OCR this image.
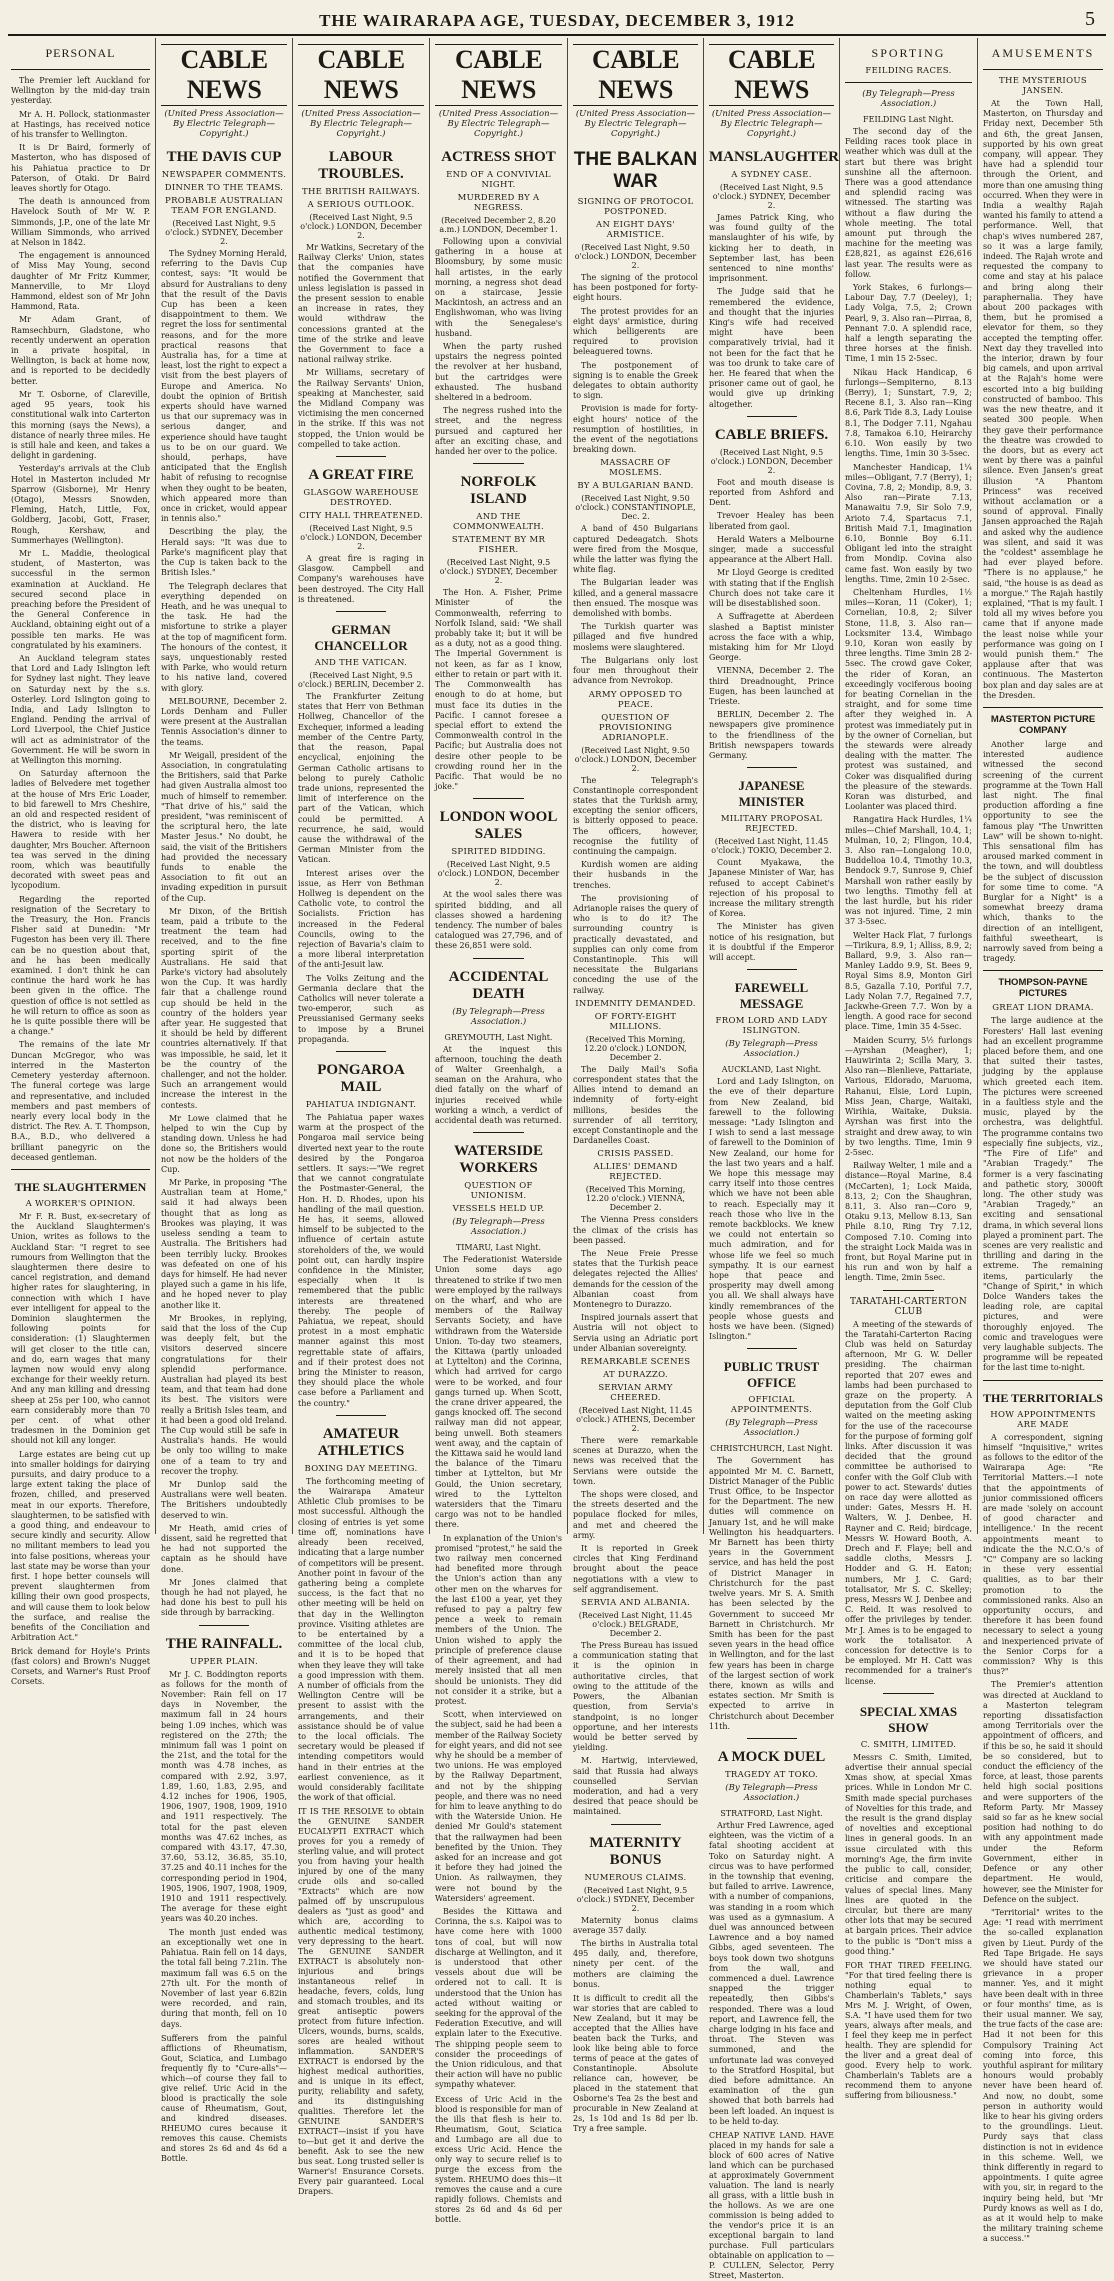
THE WAIRARAPA AGE, TUESDAY, DECEMBER 3, 1912	5
PERSONAL

The Premier left Auckland for Wellington by the mid-day train yesterday.

Mr A. H. Pollock, stationmaster at Hastings, has received notice of his transfer to Wellington.

It is Dr Baird, formerly of Masterton, who has disposed of his Pahiatua practice to Dr Paterson, of Otaki. Dr Baird leaves shortly for Otago.

The death is announced from Havelock South of Mr W. P. Simmonds, J.P., one of the late Mr William Simmonds, who arrived at Nelson in 1842.

The engagement is announced of Miss May Young, second daughter of Mr Fritz Kummer, Mannerville, to Mr Lloyd Hammond, eldest son of Mr John Hammond, Rata.

Mr Adam Grant, of Ramsechburn, Gladstone, who recently underwent an operation in a private hospital, in Wellington, is back at home now, and is reported to be decidedly better.

Mr T. Osborne, of Clareville, aged 95 years, took his constitutional walk into Carterton this morning (says the News), a distance of nearly three miles. He is still hale and keen, and takes a delight in gardening.

Yesterday's arrivals at the Club Hotel in Masterton included Mr Sparrow (Gisborne), Mr Henry (Otago), Messrs Snowden, Fleming, Hatch, Little, Fox, Goldberg, Jacobi, Gott, Fraser, Rough, Kershaw, and Summerhayes (Wellington).

Mr L. Maddie, theological student, of Masterton, was successful in the sermon examination at Auckland. He secured second place in preaching before the President of the General Conference in Auckland, obtaining eight out of a possible ten marks. He was congratulated by his examiners.

An Auckland telegram states that Lord and Lady Islington left for Sydney last night. They leave on Saturday next by the s.s. Osterley. Lord Islington going to India, and Lady Islington to England. Pending the arrival of Lord Liverpool, the Chief Justice will act as administrator of the Government. He will be sworn in at Wellington this morning.

On Saturday afternoon the ladies of Belvedere met together at the house of Mrs Eric Loader, to bid farewell to Mrs Cheshire, an old and respected resident of the district, who is leaving for Hawera to reside with her daughter, Mrs Boucher. Afternoon tea was served in the dining room, which was beautifully decorated with sweet peas and lycopodium.

Regarding the reported resignation of the Secretary to the Treasury, the Hon. Francis Fisher said at Dunedin: "Mr Fugeston has been very ill. There can be no question about that, and he has been medically examined. I don't think he can continue the hard work he has been given in the office. The question of office is not settled as he will return to office as soon as he is quite possible there will be a change."

The remains of the late Mr Duncan McGregor, who was interred in the Masterton Cemetery yesterday afternoon. The funeral cortege was large and representative, and included members and past members of nearly every local body in the district. The Rev. A. T. Thompson, B.A., B.D., who delivered a brilliant panegyric on the deceased gentleman.

THE SLAUGHTERMEN
A WORKER'S OPINION.

Mr F. R. Bust, ex-secretary of the Auckland Slaughtermen's Union, writes as follows to the Auckland Star: "I regret to see rumours from Wellington that the slaughtermen there desire to cancel registration, and demand higher rates for slaughtering, in connection with which I have ever intelligent for appeal to the Dominion slaughtermen the following points for consideration: (1) Slaughtermen will get closer to the title can, and do, earn wages that many laymen now would envy along exchange for their weekly return. And any man killing and dressing sheep at 25s per 100, who cannot earn considerably more than 70 per cent. of what other tradesmen in the Dominion get should not kill any longer.

Large estates are being cut up into smaller holdings for dairying pursuits, and dairy produce to a large extent taking the place of frozen, chilled, and preserved meat in our exports. Therefore, slaughtermen, to be satisfied with a good thing, and endeavour to secure kindly and security. Allow no militant members to lead you into false positions, whereas your last state may be worse than your first. I hope better counsels will prevent slaughtermen from killing their own good prospects, and will cause them to look below the surface, and realise the benefits of the Conciliation and Arbitration Act."

Brick demand for Hoyle's Prints (fast colors) and Brown's Nugget Corsets, and Warner's Rust Proof Corsets.
CABLE NEWS
(United Press Association— By Electric Telegraph—Copyright.)
THE DAVIS CUP
NEWSPAPER COMMENTS.
DINNER TO THE TEAMS.
PROBABLE AUSTRALIAN TEAM FOR ENGLAND.
(Received Last Night, 9.5 o'clock.) SYDNEY, December 2.

The Sydney Morning Herald, referring to the Davis Cup contest, says: "It would be absurd for Australians to deny that the result of the Davis Cup has been a keen disappointment to them. We regret the loss for sentimental reasons, and for the more practical reasons that Australia has, for a time at least, lost the right to expect a visit from the best players of Europe and America. No doubt the opinion of British experts should have warned us that our supremacy was in serious danger, and experience should have taught us to be on our guard. We should, perhaps, have anticipated that the English habit of refusing to recognise when they ought to be beaten, which appeared more than once in cricket, would appear in tennis also."

Describing the play, the Herald says: "It was due to Parke's magnificent play that the Cup is taken back to the British Isles."

The Telegraph declares that everything depended on Heath, and he was unequal to the task. He had the misfortune to strike a player at the top of magnificent form. The honours of the contest, it says, unquestionably rested with Parke, who would return to his native land, covered with glory.

MELBOURNE, December 2. Lords Denham and Fuller were present at the Australian Tennis Association's dinner to the teams.

Mr Weigall, president of the Association, in congratulating the Britishers, said that Parke had given Australia almost too much of himself to remember. "That drive of his," said the president, "was reminiscent of the scriptural hero, the late Master Jesus." No doubt, he said, the visit of the Britishers had provided the necessary funds to enable the Association to fit out an invading expedition in pursuit of the Cup.

Mr Dixon, of the British team, paid a tribute to the treatment the team had received, and to the fine sporting spirit of the Australians. He said that Parke's victory had absolutely won the Cup. It was hardly fair that a challenge round cup should be held in the country of the holders year after year. He suggested that it should be held by different countries alternatively. If that was impossible, he said, let it be the country of the challenger, and not the holder. Such an arrangement would increase the interest in the contests.

Mr Lowe claimed that he helped to win the Cup by standing down. Unless he had done so, the Britishers would not now be the holders of the Cup.

Mr Parke, in proposing "The Australian team at Home," said it had always been thought that as long as Brookes was playing, it was useless sending a team to Australia. The Britishers had been terribly lucky. Brookes was defeated on one of his days for himself. He had never played such a game in his life, and he hoped never to play another like it.

Mr Brookes, in replying, said that the loss of the Cup was deeply felt, but the visitors deserved sincere congratulations for their splendid performance. Australian had played its best team, and that team had done its best. The visitors were really a British Isles team, and it had been a good old Ireland. The Cup would still be safe in Australia's hands. He would be only too willing to make one of a team to try and recover the trophy.

Mr Dunlop said the Australians were well beaten. The Britishers undoubtedly deserved to win.

Mr Heath, amid cries of dissent, said he regretted that he had not supported the captain as he should have done.

Mr Jones claimed that though he had not played, he had done his best to pull his side through by barracking.

THE RAINFALL.
UPPER PLAIN.

Mr J. C. Boddington reports as follows for the month of November: Rain fell on 17 days in November, the maximum fall in 24 hours being 1.09 inches, which was registered on the 27th; the minimum fall was 1 point on the 21st, and the total for the month was 4.78 inches, as compared with 2.92, 3.97, 1.89, 1.60, 1.83, 2.95, and 4.12 inches for 1906, 1905, 1906, 1907, 1908, 1909, 1910 and 1911 respectively. The total for the past eleven months was 47.62 inches, as compared with 43.17, 47.30, 37.60, 53.12, 36.85, 35.10, 37.25 and 40.11 inches for the corresponding period in 1904, 1905, 1906, 1907, 1908, 1909, 1910 and 1911 respectively. The average for these eight years was 40.20 inches.

The month just ended was an exceptionally wet one in Pahiatua. Rain fell on 14 days, the total fall being 7.21in. The maximum fall was 6.5 on the 27th ult. For the month of November of last year 6.82in were recorded, and rain, during that month, fell on 10 days.

Sufferers from the painful afflictions of Rheumatism, Gout, Sciatica, and Lumbago frequently fly to "Cure-alls"—which—of course they fail to give relief. Uric Acid in the blood is practically the sole cause of Rheumatism, Gout, and kindred diseases. RHEUMO cures because it removes this cause. Chemists and stores 2s 6d and 4s 6d a Bottle.
CABLE NEWS
(United Press Association—By Electric Telegraph—Copyright.)
LABOUR TROUBLES.
THE BRITISH RAILWAYS.
A SERIOUS OUTLOOK.
(Received Last Night, 9.5 o'clock.) LONDON, December 2.

Mr Watkins, Secretary of the Railway Clerks' Union, states that the companies have notified the Government that unless legislation is passed in the present session to enable an increase in rates, they would withdraw the concessions granted at the time of the strike and leave the Government to face a national railway strike.

Mr Williams, secretary of the Railway Servants' Union, speaking at Manchester, said the Midland Company was victimising the men concerned in the strike. If this was not stopped, the Union would be compelled to take action.

A GREAT FIRE
GLASGOW WAREHOUSE DESTROYED.
CITY HALL THREATENED.
(Received Last Night, 9.5 o'clock.) LONDON, December 2.

A great fire is raging in Glasgow. Campbell and Company's warehouses have been destroyed. The City Hall is threatened.

GERMAN CHANCELLOR
AND THE VATICAN.
(Received Last Night, 9.5 o'clock.) BERLIN, December 2.

The Frankfurter Zeitung states that Herr von Bethman Hollweg, Chancellor of the Exchequer, informed a leading member of the Centre Party, that the reason, Papal encyclical, enjoining the German Catholic artisans to belong to purely Catholic trade unions, represented the limit of interference on the part of the Vatican, which could be permitted. A recurrence, he said, would cause the withdrawal of the German Minister from the Vatican.

Interest arises over the issue, as Herr von Bethman Hollweg is dependent on the Catholic vote, to control the Socialists. Friction has increased in the Federal Councils, owing to the rejection of Bavaria's claim to a more liberal interpretation of the anti-Jesuit law.

The Volks Zeitung and the Germania declare that the Catholics will never tolerate a two-emperor, such as Preussianised Germany seeks to impose by a Brunei propaganda.

PONGAROA MAIL
PAHIATUA INDIGNANT.

The Pahiatua paper waxes warm at the prospect of the Pongaroa mail service being diverted next year to the route desired by the Pongaroa settlers. It says:—"We regret that we cannot congratulate the Postmaster-General, the Hon. H. D. Rhodes, upon his handling of the mail question. He has, it seems, allowed himself to be subjected to the influence of certain astute storeholders of the, we would point out, can hardly inspire confidence in the Minister, especially when it is remembered that the public interests are threatened thereby. The people of Pahiatua, we repeat, should protest in a most emphatic manner against this most regrettable state of affairs, and if their protest does not bring the Minister to reason, they should place the whole case before a Parliament and the country."

AMATEUR ATHLETICS
BOXING DAY MEETING.

The forthcoming meeting of the Wairarapa Amateur Athletic Club promises to be most successful. Although the closing of entries is yet some time off, nominations have already been received, indicating that a large number of competitors will be present. Another point in favour of the gathering being a complete success, is the fact that no other meeting will be held on that day in the Wellington province. Visiting athletes are to be entertained by a committee of the local club, and it is to be hoped that when they leave they will take a good impression with them. A number of officials from the Wellington Centre will be present to assist with the arrangements, and their assistance should be of value to the local officials. The secretary would be pleased if intending competitors would hand in their entries at the earliest convenience, as it would considerably facilitate the work of that official.

IT IS THE RESOLVE to obtain the GENUINE SANDER EUCALYPTI EXTRACT which proves for you a remedy of sterling value, and will protect you from having your health injured by one of the many crude oils and so-called "Extracts" which are now palmed off by unscrupulous dealers as "just as good" and which are, according to authentic medical testimony, very depressing to the heart. The GENUINE SANDER EXTRACT is absolutely non-injurious and brings instantaneous relief in headache, fevers, colds, lung and stomach troubles, and its great antiseptic powers protect from future infection. Ulcers, wounds, burns, scalds, sores are healed without inflammation. SANDER'S EXTRACT is endorsed by the highest medical authorities, and is unique in its effect, purity, reliability and safety, and its distinguishing qualities. Therefore let the GENUINE SANDER'S EXTRACT—insist if you have to—but get it and derive the benefit. Ask to see the new bus seat. Long trusted seller is Warner's! Ensurance Corsets. Every pair guaranteed. Local Drapers.
CABLE NEWS
(United Press Association—By Electric Telegraph—Copyright.)
ACTRESS SHOT
END OF A CONVIVIAL NIGHT.
MURDERED BY A NEGRESS.
(Received December 2, 8.20 a.m.) LONDON, December 1.

Following upon a convivial gathering in a house at Bloomsbury, by some music hall artistes, in the early morning, a negress shot dead on a staircase, Jessie Mackintosh, an actress and an Englishwoman, who was living with the Senegalese's husband.

When the party rushed upstairs the negress pointed the revolver at her husband, but the cartridges were exhausted. The husband sheltered in a bedroom.

The negress rushed into the street, and the negress pursued and captured her after an exciting chase, and handed her over to the police.

NORFOLK ISLAND
AND THE COMMONWEALTH.
STATEMENT BY MR FISHER.
(Received Last Night, 9.5 o'clock.) SYDNEY, December 2.

The Hon. A. Fisher, Prime Minister of the Commonwealth, referring to Norfolk Island, said: "We shall probably take it; but it will be as a duty, not as a good thing. The Imperial Government is not keen, as far as I know, either to retain or part with it. The Commonwealth has enough to do at home, but must face its duties in the Pacific. I cannot foresee a special effort to extend the Commonwealth control in the Pacific; but Australia does not desire other people to be crowding round her in the Pacific. That would be no joke."

LONDON WOOL SALES
SPIRITED BIDDING.
(Received Last Night, 9.5 o'clock.) LONDON, December 2.

At the wool sales there was spirited bidding, and all classes showed a hardening tendency. The number of bales catalogued was 27,796, and of these 26,851 were sold.

ACCIDENTAL DEATH
(By Telegraph—Press Association.)
GREYMOUTH, Last Night.

At the inquest this afternoon, touching the death of Walter Greenhalgh, a seaman on the Arahura, who died fatally on the wharf of injuries received while working a winch, a verdict of accidental death was returned.

WATERSIDE WORKERS
QUESTION OF UNIONISM.
VESSELS HELD UP.
(By Telegraph—Press Association.)
TIMARU, Last Night.

The Federationist Waterside Union some days ago threatened to strike if two men were employed by the railways on the wharf, and who are members of the Railway Servants Society, and have withdrawn from the Waterside Union. To-day two steamers, the Kittawa (partly unloaded at Lyttelton) and the Corinna, which had arrived for cargo were to be worked, and four gangs turned up. When Scott, the crane driver appeared, the gangs knocked off. The second railway man did not appear, being unwell. Both steamers went away, and the captain of the Kittawa said he would land the balance of the Timaru timber at Lyttelton, but Mr Gould, the Union secretary, wired to the Lyttelton watersiders that the Timaru cargo was not to be handled there.

In explanation of the Union's promised "protest," he said the two railway men concerned had benefited more through the Union's action than any other men on the wharves for the last £100 a year, yet they refused to pay a paltry few pence a week to remain members of the Union. The Union wished to apply the principle of preference clause of their agreement, and had merely insisted that all men should be unionists. They did not consider it a strike, but a protest.

Scott, when interviewed on the subject, said he had been a member of the Railway Society for eight years, and did not see why he should be a member of two unions. He was employed by the Railway Department, and not by the shipping people, and there was no need for him to leave anything to do with the Waterside Union. He denied Mr Gould's statement that the railwaymen had been benefited by the Union. They asked for an increase and got it before they had joined the Union. As railwaymen, they were not bound by the Watersiders' agreement.

Besides the Kittawa and Corinna, the s.s. Kaipoi was to have come here with 1000 tons of coal, but will now discharge at Wellington, and it is understood that other vessels about due will be ordered not to call. It is understood that the Union has acted without waiting or seeking for the approval of the Federation Executive, and will explain later to the Executive. The shipping people seem to consider the proceedings of the Union ridiculous, and that their action will have no public sympathy whatever.

Excess of Uric Acid in the blood is responsible for man of the ills that flesh is heir to. Rheumatism, Gout, Sciatica and Lumbago are all due to excess Uric Acid. Hence the only way to secure relief is to purge the excess from the system. RHEUMO does this—it removes the cause and a cure rapidly follows. Chemists and stores 2s 6d and 4s 6d per bottle.
CABLE NEWS
(United Press Association—By Electric Telegraph—Copyright.)
THE BALKAN WAR
SIGNING OF PROTOCOL POSTPONED.
AN EIGHT DAYS' ARMISTICE.
(Received Last Night, 9.50 o'clock.) LONDON, December 2.

The signing of the protocol has been postponed for forty-eight hours.

The protest provides for an eight days' armistice, during which belligerents are required to provision beleaguered towns.

The postponement of signing is to enable the Greek delegates to obtain authority to sign.

Provision is made for forty-eight hours' notice of the resumption of hostilities, in the event of the negotiations breaking down.

MASSACRE OF MOSLEMS.
BY A BULGARIAN BAND.
(Received Last Night, 9.50 o'clock.) CONSTANTINOPLE, Dec. 2.

A band of 450 Bulgarians captured Dedeagatch. Shots were fired from the Mosque, while the latter was flying the white flag.

The Bulgarian leader was killed, and a general massacre then ensued. The mosque was demolished with bombs.

The Turkish quarter was pillaged and five hundred moslems were slaughtered.

The Bulgarians only lost four men throughout their advance from Nevrokop.

ARMY OPPOSED TO PEACE.
QUESTION OF PROVISIONING ADRIANOPLE.
(Received Last Night, 9.50 o'clock.) LONDON, December 2.

The Telegraph's Constantinople correspondent states that the Turkish army, excepting the senior officers, is bitterly opposed to peace. The officers, however, recognise the futility of continuing the campaign.

Kurdish women are aiding their husbands in the trenches.

The provisioning of Adrianople raises the query of who is to do it? The surrounding country is practically devastated, and supplies can only come from Constantinople. This will necessitate the Bulgarians conceding the use of the railway.

INDEMNITY DEMANDED.
OF FORTY-EIGHT MILLIONS.
(Received This Morning, 12.20 o'clock.) LONDON, December 2.

The Daily Mail's Sofia correspondent states that the Allies intend to demand an indemnity of forty-eight millions, besides the surrender of all territory, except Constantinople and the Dardanelles Coast.

CRISIS PASSED.
ALLIES' DEMAND REJECTED.
(Received This Morning, 12.20 o'clock.) VIENNA, December 2.

The Vienna Press considers the climax of the crisis has been passed.

The Neue Freie Presse states that the Turkish peace delegates rejected the Allies' demands for the cession of the Albanian coast from Montenegro to Durazzo.

Inspired journals assert that Austria will not object to Servia using an Adriatic port under Albanian sovereignty.

REMARKABLE SCENES
AT DURAZZO.
SERVIAN ARMY CHEERED.
(Received Last Night, 11.45 o'clock.) ATHENS, December 2.

There were remarkable scenes at Durazzo, when the news was received that the Servians were outside the town.

The shops were closed, and the streets deserted and the populace flocked for miles, and met and cheered the army.

It is reported in Greek circles that King Ferdinand brought about the peace negotiations with a view to self aggrandisement.

SERVIA AND ALBANIA.
(Received Last Night, 11.45 o'clock.) BELGRADE, December 2.

The Press Bureau has issued a communication stating that it is the opinion in authoritative circles, that owing to the attitude of the Powers, the Albanian question, from Servia's standpoint, is no longer opportune, and her interests would be better served by yielding.

M. Hartwig, interviewed, said that Russia had always counselled Servian moderation, and had a very desired that peace should be maintained.

MATERNITY BONUS
NUMEROUS CLAIMS.
(Received Last Night, 9.5 o'clock.) SYDNEY, December 2.

Maternity bonus claims average 357 daily.

The births in Australia total 495 daily, and, therefore, ninety per cent. of the mothers are claiming the bonus.

It is difficult to credit all the war stories that are cabled to New Zealand, but it may be accepted that the Allies have beaten back the Turks, and look like being able to force terms of peace at the gates of Constantinople. Absolute reliance can, however, be placed in the statement that Osborne's Tea 2s the best and procurable in New Zealand at 2s, 1s 10d and 1s 8d per lb. Try a free sample.
CABLE NEWS
(United Press Association—By Electric Telegraph—Copyright.)
MANSLAUGHTER
A SYDNEY CASE.
(Received Last Night, 9.5 o'clock.) SYDNEY, December 2.

James Patrick King, who was found guilty of the manslaughter of his wife, by kicking her to death, in September last, has been sentenced to nine months' imprisonment.

The Judge said that he remembered the evidence, and thought that the injuries King's wife had received might have been comparatively trivial, had it not been for the fact that he was too drunk to take care of her. He feared that when the prisoner came out of gaol, he would give up drinking altogether.

CABLE BRIEFS.
(Received Last Night, 9.5 o'clock.) LONDON, December 2.

Foot and mouth disease is reported from Ashford and Dent.

Trevoer Healey has been liberated from gaol.

Herald Waters a Melbourne singer, made a successful appearance at the Albert Hall.

Mr Lloyd George is credited with stating that if the English Church does not take care it will be disestablished soon.

A Suffragette at Aberdeen slashed a Baptist minister across the face with a whip, mistaking him for Mr Lloyd George.

VIENNA, December 2. The third Dreadnought, Prince Eugen, has been launched at Trieste.

BERLIN, December 2. The newspapers give prominence to the friendliness of the British newspapers towards Germany.

JAPANESE MINISTER
MILITARY PROPOSAL REJECTED.
(Received Last Night, 11.45 o'clock.) TOKIO, December 2.

Count Myakawa, the Japanese Minister of War, has refused to accept Cabinet's rejection of his proposal to increase the military strength of Korea.

The Minister has given notice of his resignation, but it is doubtful if the Emperor will accept.

FAREWELL MESSAGE
FROM LORD AND LADY ISLINGTON.
(By Telegraph—Press Association.)
AUCKLAND, Last Night.

Lord and Lady Islington, on the eve of their departure from New Zealand, bid farewell to the following message: "Lady Islington and I wish to send a last message of farewell to the Dominion of New Zealand, our home for the last two years and a half. We hope this message may carry itself into those centres which we have not been able to reach. Especially may it reach those who live in the remote backblocks. We knew we could not entertain so much admiration, and for whose life we feel so much sympathy. It is our earnest hope that peace and prosperity may dwell among you all. We shall always have kindly remembrances of the people whose guests and hosts we have been. (Signed) Islington."

PUBLIC TRUST OFFICE
OFFICIAL APPOINTMENTS.
(By Telegraph—Press Association.)
CHRISTCHURCH, Last Night.

The Government has appointed Mr M. C. Barnett, District Manager of the Public Trust Office, to be Inspector for the Department. The new duties will commence on January 1st, and he will make Wellington his headquarters. Mr Barnett has been thirty years in the Government service, and has held the post of District Manager in Christchurch for the past twelve years. Mr S. A. Smith has been selected by the Government to succeed Mr Barnett in Christchurch. Mr Smith has been for the past seven years in the head office in Wellington, and for the last few years has been in charge of the largest section of work there, known as wills and estates section. Mr Smith is expected to arrive in Christchurch about December 11th.

A MOCK DUEL
TRAGEDY AT TOKO.
(By Telegraph—Press Association.)
STRATFORD, Last Night.

Arthur Fred Lawrence, aged eighteen, was the victim of a fatal shooting accident at Toko on Saturday night. A circus was to have performed in the township that evening, but failed to arrive. Lawrence, with a number of companions, was standing in a room which was used as a gymnasium. A duel was announced between Lawrence and a boy named Gibbs, aged seventeen. The boys took down two shotguns from the wall, and commenced a duel. Lawrence snapped the trigger repeatedly, then Gibbs's responded. There was a loud report, and Lawrence fell, the charge lodging in his face and throat. The Steven was summoned, and the unfortunate lad was conveyed to the Stratford Hospital, but died before admittance. An examination of the gun showed that both barrels had been left loaded. An inquest is to be held to-day.

CHEAP NATIVE LAND. HAVE placed in my hands for sale a block of 600 acres of Native land which can be purchased at approximately Government valuation. The land is nearly all grass, with a little bush in the hollows. As we are one commission is being added to the vendor's price it is an exceptional bargain to land purchase. Full particulars obtainable on application to — P. CULLEN, Selector, Perry Street, Masterton.
SPORTING
FEILDING RACES.
(By Telegraph—Press Association.)
FEILDING Last Night.

The second day of the Feilding races took place in weather which was dull at the start but there was bright sunshine all the afternoon. There was a good attendance and splendid racing was witnessed. The starting was without a flaw during the whole meeting. The total amount put through the machine for the meeting was £28,821, as against £26,616 last year. The results were as follow.

York Stakes, 6 furlongs—Labour Day, 7.7 (Deeley), 1; Lady Volga, 7.5, 2; Crown Pearl, 9, 3. Also ran—Pirraa, 8, Pennant 7.0. A splendid race, half a length separating the three horses at the finish. Time, 1 min 15 2-5sec.

Nikau Hack Handicap, 6 furlongs—Sempiterno, 8.13 (Berry), 1; Sunstart, 7.9, 2; Recene 8.1, 3. Also ran—King 8.6, Park Tide 8.3, Lady Louise 8.1, The Dodger 7.11, Ngahau 7.8, Tamakoa 6.10, Heirarchy 6.10. Won easily by two lengths. Time, 1min 30 3-5sec.

Manchester Handicap, 1¼ miles—Obligant, 7.7 (Berry), 1; Covina, 7.8, 2; Mondip, 8.9, 3. Also ran—Pirate 7.13, Manawaitu 7.9, Sir Solo 7.9, Arioto 7.4, Spartacus 7.1, British Maid 7.1, Imagination 6.10, Bonnie Boy 6.11. Obligant led into the straight from Mondip. Covina also came fast. Won easily by two lengths. Time, 2min 10 2-5sec.

Cheltenham Hurdles, 1½ miles—Koran, 11 (Coker), 1; Cornelian, 10.8, 2; Silver Stone, 11.8, 3. Also ran—Locksmiter 13.4, Wimbago 9.10, Koran won easily by three lengths. Time 3min 28 2-5sec. The crowd gave Coker, the rider of Koran, an exceedingly vociferous booing for beating Cornelian in the straight, and for some time after they weighed in. A protest was immediately put in by the owner of Cornelian, but the stewards were already dealing with the matter. The protest was sustained, and Coker was disqualified during the pleasure of the stewards. Koran was disturbed, and Loolanter was placed third.

Rangatira Hack Hurdles, 1¼ miles—Chief Marshall, 10.4, 1; Mulman, 10, 2; Flingon, 10.4, 3. Also ran—Longalong 10.0, Buddelioa 10.4, Timothy 10.3, Bendock 9.7, Sunrose 9, Chief Marshall won rather easily by two lengths. Timothy fell at the last hurdle, but his rider was not injured. Time, 2 min 37 3-5sec.

Welter Hack Flat, 7 furlongs—Tirikura, 8.9, 1; Alliss, 8.9, 2; Ballard, 9.9, 3. Also ran—Manley Laddo 9.9, St. Bees 9, Royal Sims 8.9, Monton Girl 8.5, Gazalla 7.10, Poriful 7.7, Lady Nolan 7.7, Regained 7.7, Jackwhe-Green 7.7. Won by a length. A good race for second place. Time, 1min 35 4-5sec.

Maiden Scurry, 5½ furlongs—Ayrshan (Meagher), 1; Hauwirinta 2; Scilla Mary, 3. Also ran—Blenlieve, Pattariate, Various, Eldorado, Maruoma, Rahanui, Elsie, Lord Lupin, Miss Jean, Charge, Waitaki, Wirihia, Waitake, Duksia. Ayrshan was first into the straight and drew away, to win by two lengths. Time, 1min 9 2-5sec.

Railway Welter, 1 mile and a distance—Royal Marine, 8.4 (McCarten), 1; Lock Maida, 8.13, 2; Con the Shaughran, 8.11, 3. Also ran—Coro 9, Otaku 9.13, Mellow 8.13, San Phile 8.10, Ring Try 7.12, Composed 7.10. Coming into the straight Lock Maida was in front, but Royal Marine put in his run and won by half a length. Time, 2min 5sec.

TARATAHI-CARTERTON CLUB

A meeting of the stewards of the Taratahi-Carterton Racing Club was held on Saturday afternoon, Mr G. W. Deller presiding. The chairman reported that 207 ewes and lambs had been purchased to graze on the property. A deputation from the Golf Club waited on the meeting asking for the use of the racecourse for the purpose of forming golf links. After discussion it was decided that the ground committee be authorised to confer with the Golf Club with power to act. Stewards' duties on race day were allotted as under: Gates, Messrs H. H. Walters, W. J. Denbee, H. Rayner and C. Reid; birdcage, Messrs W. Howard Booth, A. Drech and F. Flaye; bell and saddle cloths, Messrs J. Hodder and G. H. Eaton; numbers, Mr J. C. Gard; totalisator, Mr S. C. Skelley; press, Messrs W. J. Denbee and C. Reid. It was resolved to offer the privileges by tender. Mr J. Ames is to be engaged to work the totalisator. A concession for detective is to be employed. Mr H. Catt was recommended for a trainer's license.

SPECIAL XMAS SHOW
C. SMITH, LIMITED.

Messrs C. Smith, Limited, advertise their annual special Xmas show, at special Xmas prices. While in London Mr C. Smith made special purchases of Novelties for this trade, and the result is the grand display of novelties and exceptional lines in general goods. In an issue circulated with this morning's Age, the firm invite the public to call, consider, criticise and compare the values of special lines. Many lines are quoted in the circular, but there are many other lots that may be secured at bargain prices. Their advice to the public is "Don't miss a good thing."

FOR THAT TIRED FEELING. "For that tired feeling there is nothing equal to Chamberlain's Tablets," says Mrs M. J. Wright, of Owen, S.A. "I have used them for two years, always after meals, and I feel they keep me in perfect health. They are splendid for the liver and a great deal of good. Every help to work. Chamberlain's Tablets are a recommend them to anyone suffering from biliousness."
AMUSEMENTS
THE MYSTERIOUS JANSEN.

At the Town Hall, Masterton, on Thursday and Friday next, December 5th and 6th, the great Jansen, supported by his own great company, will appear. They have had a splendid tour through the Orient, and more than one amusing thing occurred. When they were in India a wealthy Rajah wanted his family to attend a performance. Well, that chap's wives numbered 287, so it was a large family, indeed. The Rajah wrote and requested the company to come and stay at his palace and bring along their paraphernalia. They have about 200 packages with them, but he promised a elevator for them, so they accepted the tempting offer. Next day they travelled into the interior, drawn by four big camels, and upon arrival at the Rajah's home were escorted into a big building constructed of bamboo. This was the new theatre, and it seated 300 people. When they gave their performance the theatre was crowded to the doors, but as every act went by there was a painful silence. Even Jansen's great illusion "A Phantom Princess" was received without acclamation or a sound of approval. Finally Jansen approached the Rajah and asked why the audience was silent, and said it was the "coldest" assemblage he had ever played before. "There is no applause," he said, "the house is as dead as a morgue." The Rajah hastily explained, "That is my fault. I told all my wives before you came that if anyone made the least noise while your performance was going on I would punish them." The applause after that was continuous. The Masterton box plan and day sales are at the Dresden.

MASTERTON PICTURE COMPANY

Another large and interested audience witnessed the second screening of the current programme at the Town Hall last night. The final production affording a fine opportunity to see the famous play "The Unwritten Law" will be shown to-night. This sensational film has aroused marked comment in the town, and will doubtless be the subject of discussion for some time to come. "A Burglar for a Night" is a somewhat breezy drama which, thanks to the direction of an intelligent, faithful sweetheart, is narrowly saved from being a tragedy.

THOMPSON-PAYNE PICTURES
GREAT LION DRAMA.

The large audience at the Foresters' Hall last evening had an excellent programme placed before them, and one that suited their tastes, judging by the applause which greeted each item. The pictures were screened in a faultless style and the music, played by the orchestra, was delightful. The programme contains two especially fine subjects, viz., "The Fire of Life" and "Arabian Tragedy." The former is a very fascinating and pathetic story, 3000ft long. The other study was "Arabian Tragedy," an exciting and sensational drama, in which several lions played a prominent part. The scenes are very realistic and thrilling and daring in the extreme. The remaining items, particularly the "Change of Spirit," in which Dolce Wanders takes the leading role, are capital pictures, and were thoroughly enjoyed. The comic and travelogues were very laughable subjects. The programme will be repeated for the last time to-night.

THE TERRITORIALS
HOW APPOINTMENTS ARE MADE

A correspondent, signing himself "Inquisitive," writes as follows to the editor of the Wairarapa Age: "Re Territorial Matters.—I note that the appointments of junior commissioned officers are made 'solely on account of good character and intelligence.' In the recent appointments meant to indicate the the N.C.O.'s of "C" Company are so lacking in these very essential qualities, as to bar their promotion to the commissioned ranks. Also an opportunity occurs, and therefore it has been found necessary to select a young and inexperienced private of the Senior Corps for a commission? Why is this thus?"

The Premier's attention was directed at Auckland to a Masterton telegram reporting dissatisfaction among Territorials over the appointment of officers, and if this be so, he said it should be so considered, but to conduct the efficiency of the force, at least, those parents held high social positions and were supporters of the Reform Party. Mr Massey said so far as he knew social position had nothing to do with any appointment made under the Reform Government, either in Defence or any other department. He would, however, see the Minister for Defence on the subject.

"Territorial" writes to the Age: "I read with merriment the so-called explanation given by Lieut. Purdy of the Red Tape Brigade. He says we should have stated our grievance in a proper manner. Yes, and it might have been dealt with in three or four months' time, as is their usual manner. We say, the true facts of the case are: Had it not been for this Compulsory Training Act coming into force, this youthful aspirant for military honours would probably never have been heard of. And now, no doubt, some person in authority would like to hear his giving orders to the groundlings. Lieut. Purdy says that class distinction is not in evidence in this scheme. Well, we think differently in regard to appointments. I quite agree with you, sir, in regard to the inquiry being held, but 'Mr Purdy knows as well as I do, as at it would help to make the military training scheme a success.'"
